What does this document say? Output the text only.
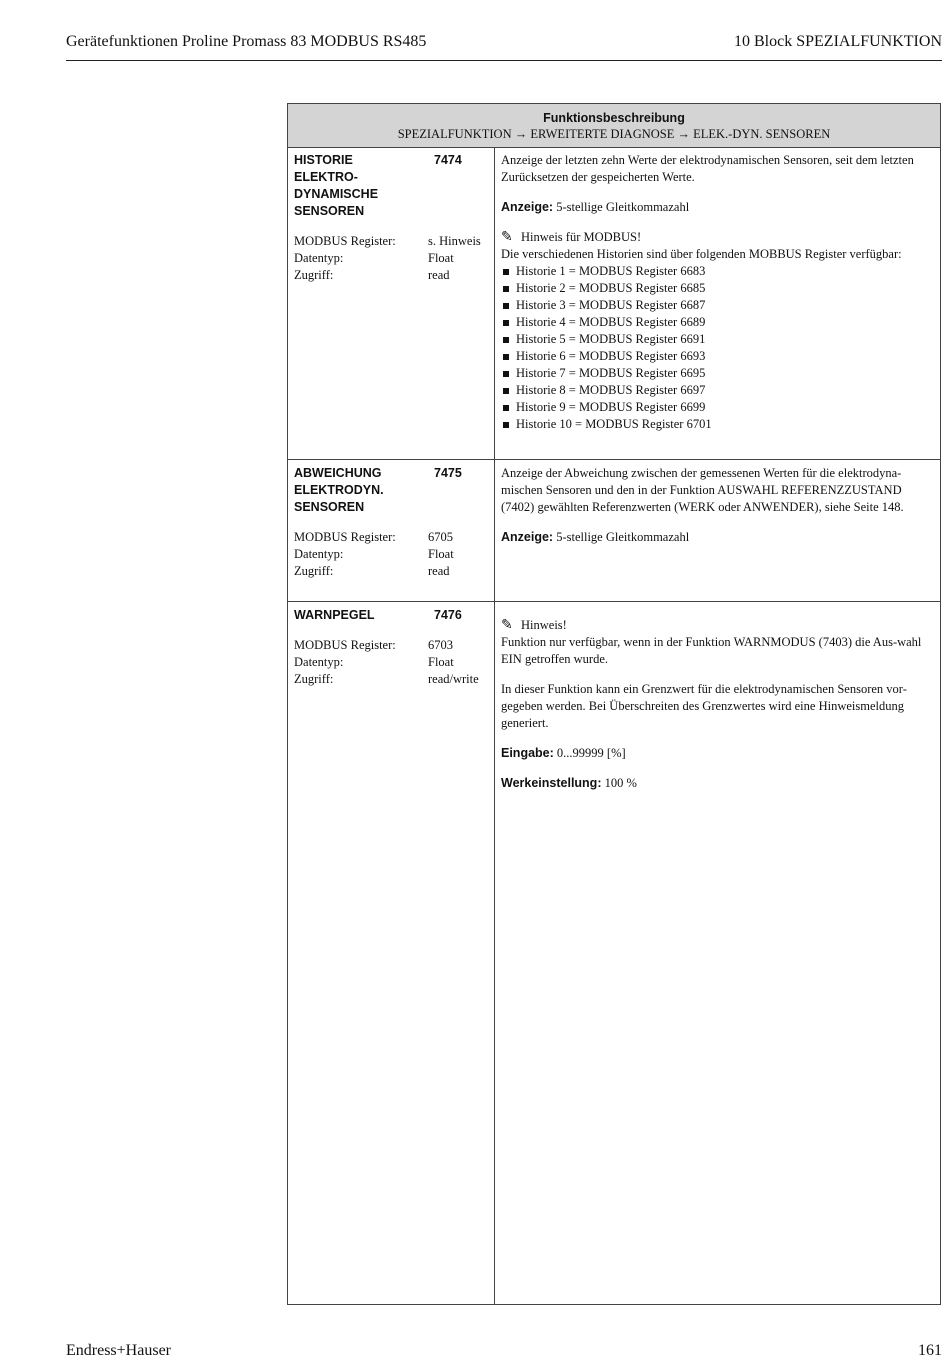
Gerätefunktionen Proline Promass 83 MODBUS RS485	10 Block SPEZIALFUNKTION
Funktionsbeschreibung
SPEZIALFUNKTION → ERWEITERTE DIAGNOSE → ELEK.-DYN. SENSOREN
HISTORIE
ELEKTRO-
DYNAMISCHE
SENSOREN
7474
MODBUS Register:	s. Hinweis
Datentyp:	Float
Zugriff:	read

Anzeige der letzten zehn Werte der elektrodynamischen Sensoren, seit dem letzten Zurücksetzen der gespeicherten Werte.

Anzeige: 5-stellige Gleitkommazahl

✎ Hinweis für MODBUS!

Die verschiedenen Historien sind über folgenden MOBBUS Register verfügbar:

Historie 1 = MODBUS Register 6683
Historie 2 = MODBUS Register 6685
Historie 3 = MODBUS Register 6687
Historie 4 = MODBUS Register 6689
Historie 5 = MODBUS Register 6691
Historie 6 = MODBUS Register 6693
Historie 7 = MODBUS Register 6695
Historie 8 = MODBUS Register 6697
Historie 9 = MODBUS Register 6699
Historie 10 = MODBUS Register 6701
ABWEICHUNG
ELEKTRODYN.
SENSOREN
7475
MODBUS Register:	6705
Datentyp:	Float
Zugriff:	read

Anzeige der Abweichung zwischen der gemessenen Werten für die elektrodyna-mischen Sensoren und den in der Funktion AUSWAHL REFERENZZUSTAND (7402) gewählten Referenzwerten (WERK oder ANWENDER), siehe Seite 148.

Anzeige: 5-stellige Gleitkommazahl

WARNPEGEL	7476
MODBUS Register:	6703
Datentyp:	Float
Zugriff:	read/write

✎ Hinweis!

Funktion nur verfügbar, wenn in der Funktion WARNMODUS (7403) die Aus-wahl EIN getroffen wurde.

In dieser Funktion kann ein Grenzwert für die elektrodynamischen Sensoren vor-gegeben werden. Bei Überschreiten des Grenzwertes wird eine Hinweismeldung generiert.

Eingabe: 0...99999 [%]

Werkeinstellung: 100 %

Endress+Hauser	161
